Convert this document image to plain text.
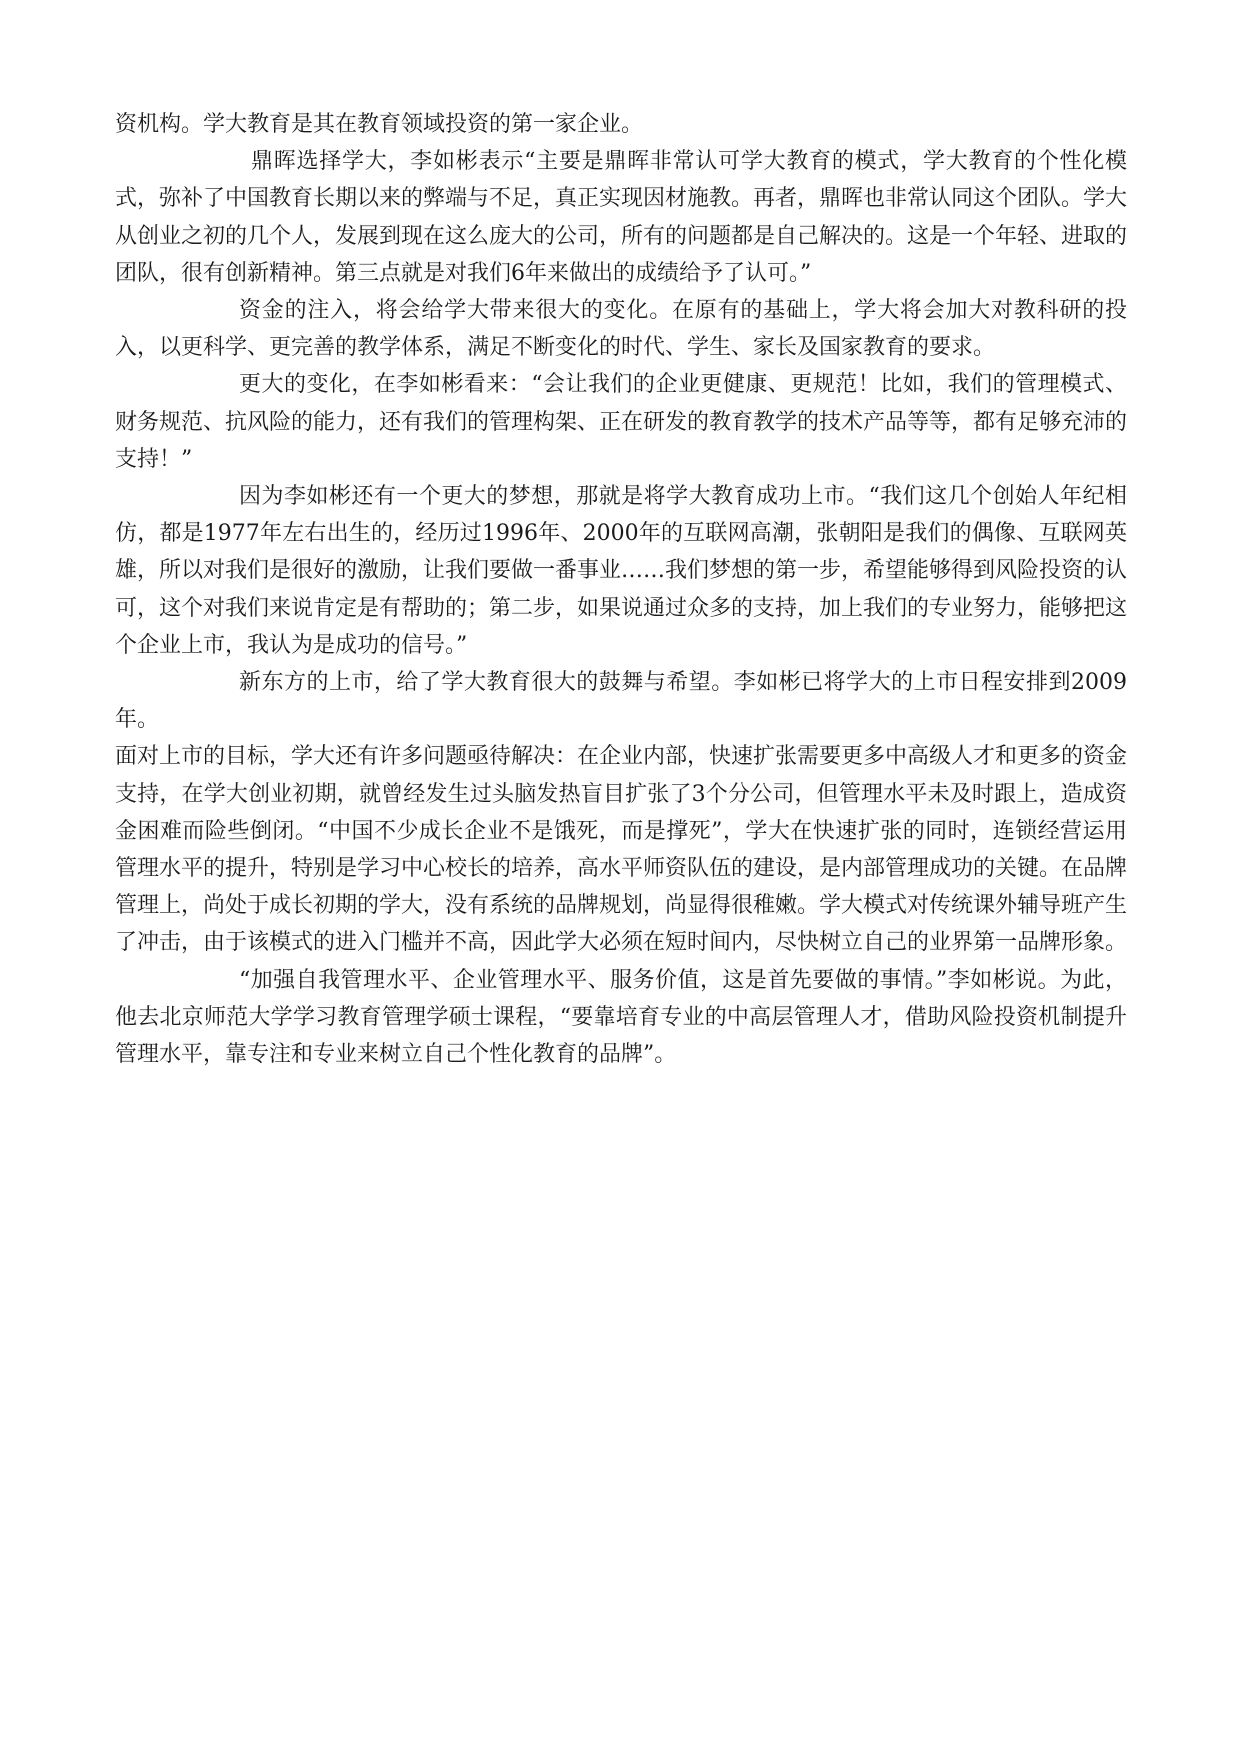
资机构。学大教育是其在教育领域投资的第一家企业。

鼎晖选择学大，李如彬表示“主要是鼎晖非常认可学大教育的模式，学大教育的个性化模式，弥补了中国教育长期以来的弊端与不足，真正实现因材施教。再者，鼎晖也非常认同这个团队。学大从创业之初的几个人，发展到现在这么庞大的公司，所有的问题都是自己解决的。这是一个年轻、进取的团队，很有创新精神。第三点就是对我们6年来做出的成绩给予了认可。”

资金的注入，将会给学大带来很大的变化。在原有的基础上，学大将会加大对教科研的投入，以更科学、更完善的教学体系，满足不断变化的时代、学生、家长及国家教育的要求。

更大的变化，在李如彬看来：“会让我们的企业更健康、更规范！比如，我们的管理模式、财务规范、抗风险的能力，还有我们的管理构架、正在研发的教育教学的技术产品等等，都有足够充沛的支持！”

因为李如彬还有一个更大的梦想，那就是将学大教育成功上市。“我们这几个创始人年纪相仿，都是1977年左右出生的，经历过1996年、2000年的互联网高潮，张朝阳是我们的偶像、互联网英雄，所以对我们是很好的激励，让我们要做一番事业……我们梦想的第一步，希望能够得到风险投资的认可，这个对我们来说肯定是有帮助的；第二步，如果说通过众多的支持，加上我们的专业努力，能够把这个企业上市，我认为是成功的信号。”

新东方的上市，给了学大教育很大的鼓舞与希望。李如彬已将学大的上市日程安排到2009年。

面对上市的目标，学大还有许多问题亟待解决：在企业内部，快速扩张需要更多中高级人才和更多的资金支持，在学大创业初期，就曾经发生过头脑发热盲目扩张了3个分公司，但管理水平未及时跟上，造成资金困难而险些倒闭。“中国不少成长企业不是饿死，而是撑死”，学大在快速扩张的同时，连锁经营运用管理水平的提升，特别是学习中心校长的培养，高水平师资队伍的建设，是内部管理成功的关键。在品牌管理上，尚处于成长初期的学大，没有系统的品牌规划，尚显得很稚嫩。学大模式对传统课外辅导班产生了冲击，由于该模式的进入门槛并不高，因此学大必须在短时间内，尽快树立自己的业界第一品牌形象。

“加强自我管理水平、企业管理水平、服务价值，这是首先要做的事情。”李如彬说。为此，他去北京师范大学学习教育管理学硕士课程，“要靠培育专业的中高层管理人才，借助风险投资机制提升管理水平，靠专注和专业来树立自己个性化教育的品牌”。
